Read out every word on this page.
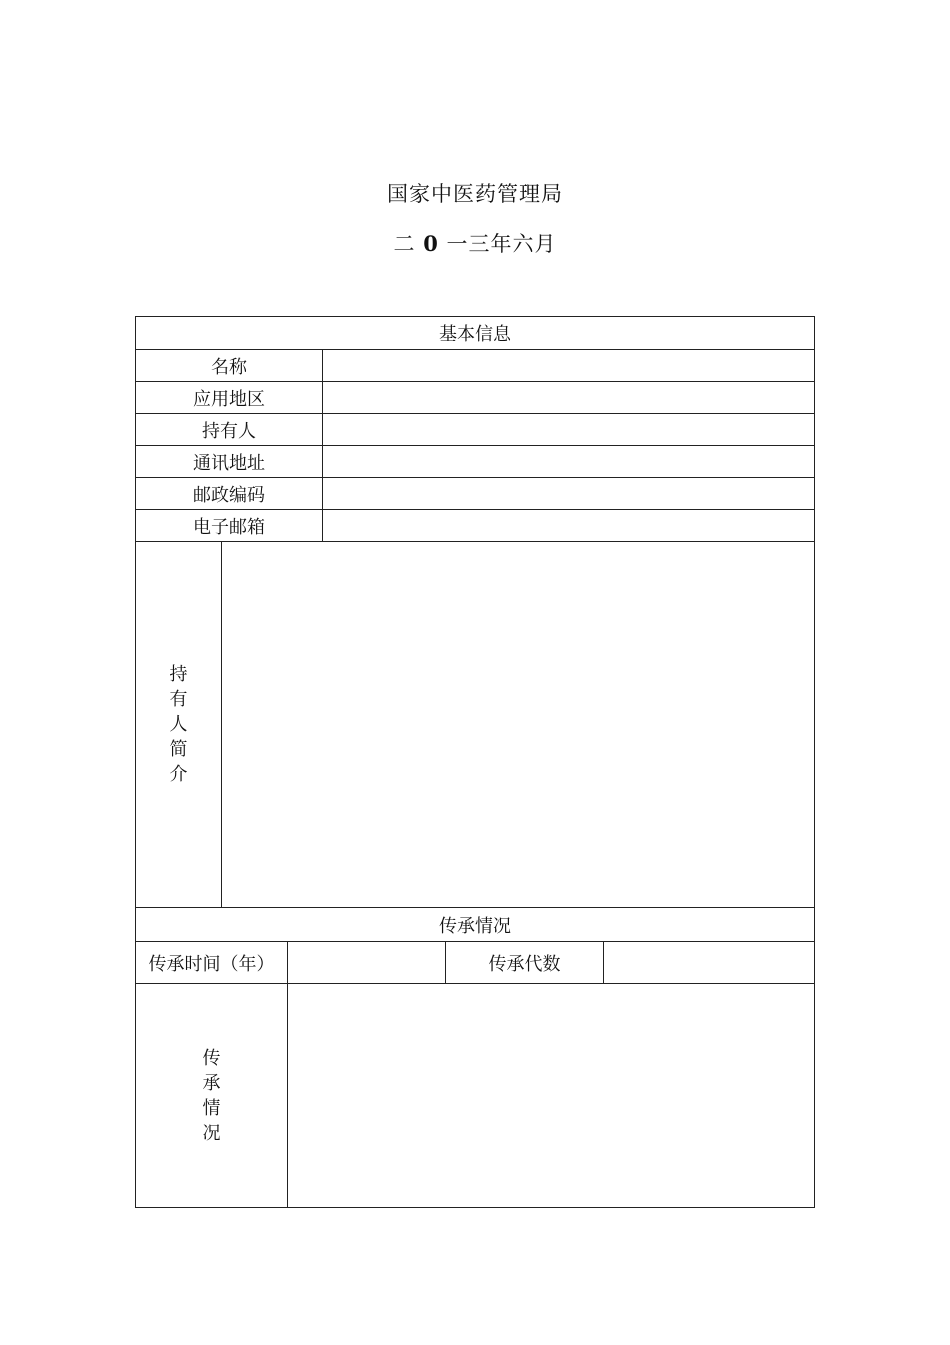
国家中医药管理局
二 0 一三年六月
基本信息
名称
应用地区
持有人
通讯地址
邮政编码
电子邮箱
持
有
人
简
介
传承情况
传承时间（年）	传承代数
传
承
情
况
